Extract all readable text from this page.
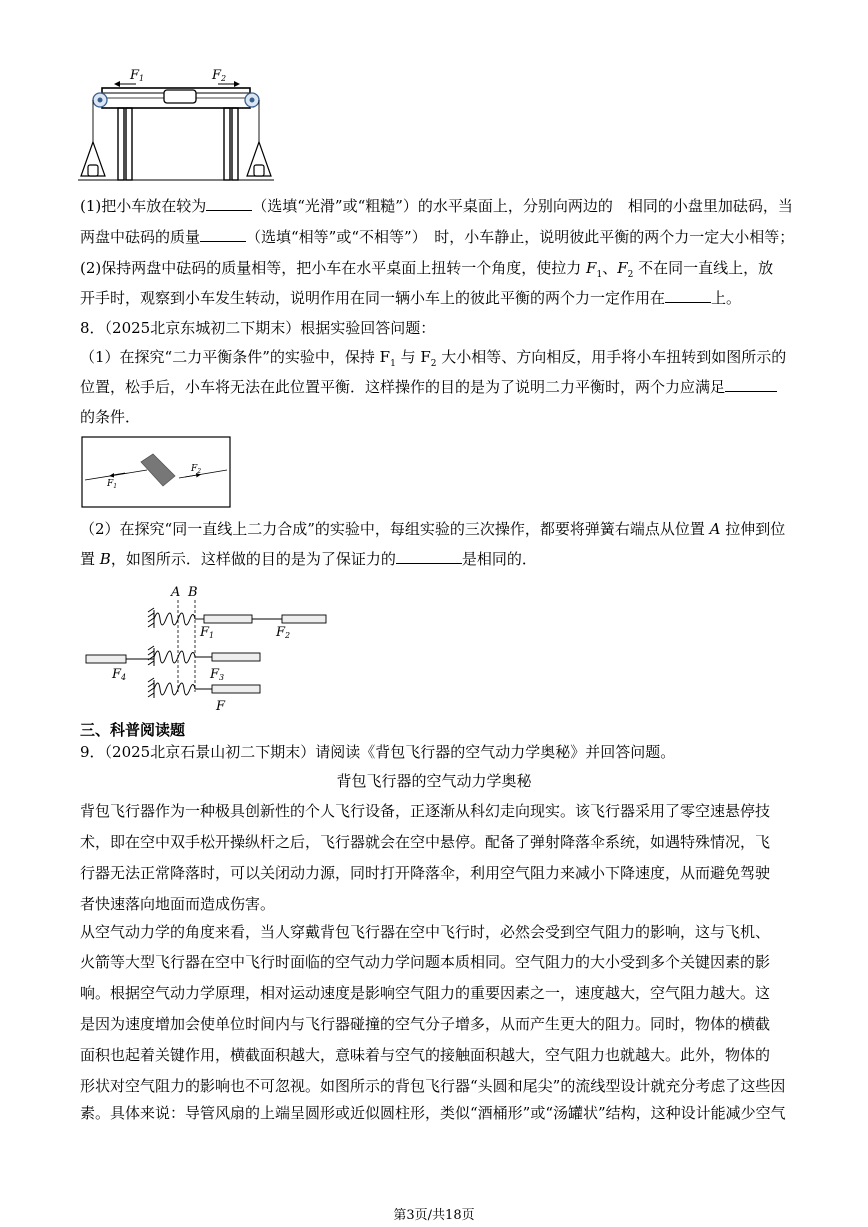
F1	F2
(1)把小车放在较为	（选填“光滑”或“粗糙”）的水平桌面上，分别向两边的　相同的小盘里加砝码，当
两盘中砝码的质量	（选填“相等”或“不相等”）　时，小车静止，说明彼此平衡的两个力一定大小相等；
(2)保持两盘中砝码的质量相等，把小车在水平桌面上扭转一个角度，使拉力 $F_1$、$F_2$ 不在同一直线上，放
开手时，观察到小车发生转动，说明作用在同一辆小车上的彼此平衡的两个力一定作用在	上。
8．（2025北京东城初二下期末）根据实验回答问题：
（1）在探究“二力平衡条件”的实验中，保持 $F_1$ 与 $F_2$ 大小相等、方向相反，用手将小车扭转到如图所示的
位置，松手后，小车将无法在此位置平衡．这样操作的目的是为了说明二力平衡时，两个力应满足
的条件．
$F_1$
$F_2$
（2）在探究“同一直线上二力合成”的实验中，每组实验的三次操作，都要将弹簧右端点从位置 A 拉伸到位
置 B，如图所示．这样做的目的是为了保证力的	是相同的．
A B
F1	F2
F4	F3
F
三、科普阅读题
9．（2025北京石景山初二下期末）请阅读《背包飞行器的空气动力学奥秘》并回答问题。
背包飞行器的空气动力学奥秘
背包飞行器作为一种极具创新性的个人飞行设备，正逐渐从科幻走向现实。该飞行器采用了零空速悬停技
术，即在空中双手松开操纵杆之后，飞行器就会在空中悬停。配备了弹射降落伞系统，如遇特殊情况，飞
行器无法正常降落时，可以关闭动力源，同时打开降落伞，利用空气阻力来减小下降速度，从而避免驾驶
者快速落向地面而造成伤害。
从空气动力学的角度来看，当人穿戴背包飞行器在空中飞行时，必然会受到空气阻力的影响，这与飞机、
火箭等大型飞行器在空中飞行时面临的空气动力学问题本质相同。空气阻力的大小受到多个关键因素的影
响。根据空气动力学原理，相对运动速度是影响空气阻力的重要因素之一，速度越大，空气阻力越大。这
是因为速度增加会使单位时间内与飞行器碰撞的空气分子增多，从而产生更大的阻力。同时，物体的横截
面积也起着关键作用，横截面积越大，意味着与空气的接触面积越大，空气阻力也就越大。此外，物体的
形状对空气阻力的影响也不可忽视。如图所示的背包飞行器“头圆和尾尖”的流线型设计就充分考虑了这些因
素。具体来说：导管风扇的上端呈圆形或近似圆柱形，类似“酒桶形”或“汤罐状”结构，这种设计能减少空气
第3页/共18页
